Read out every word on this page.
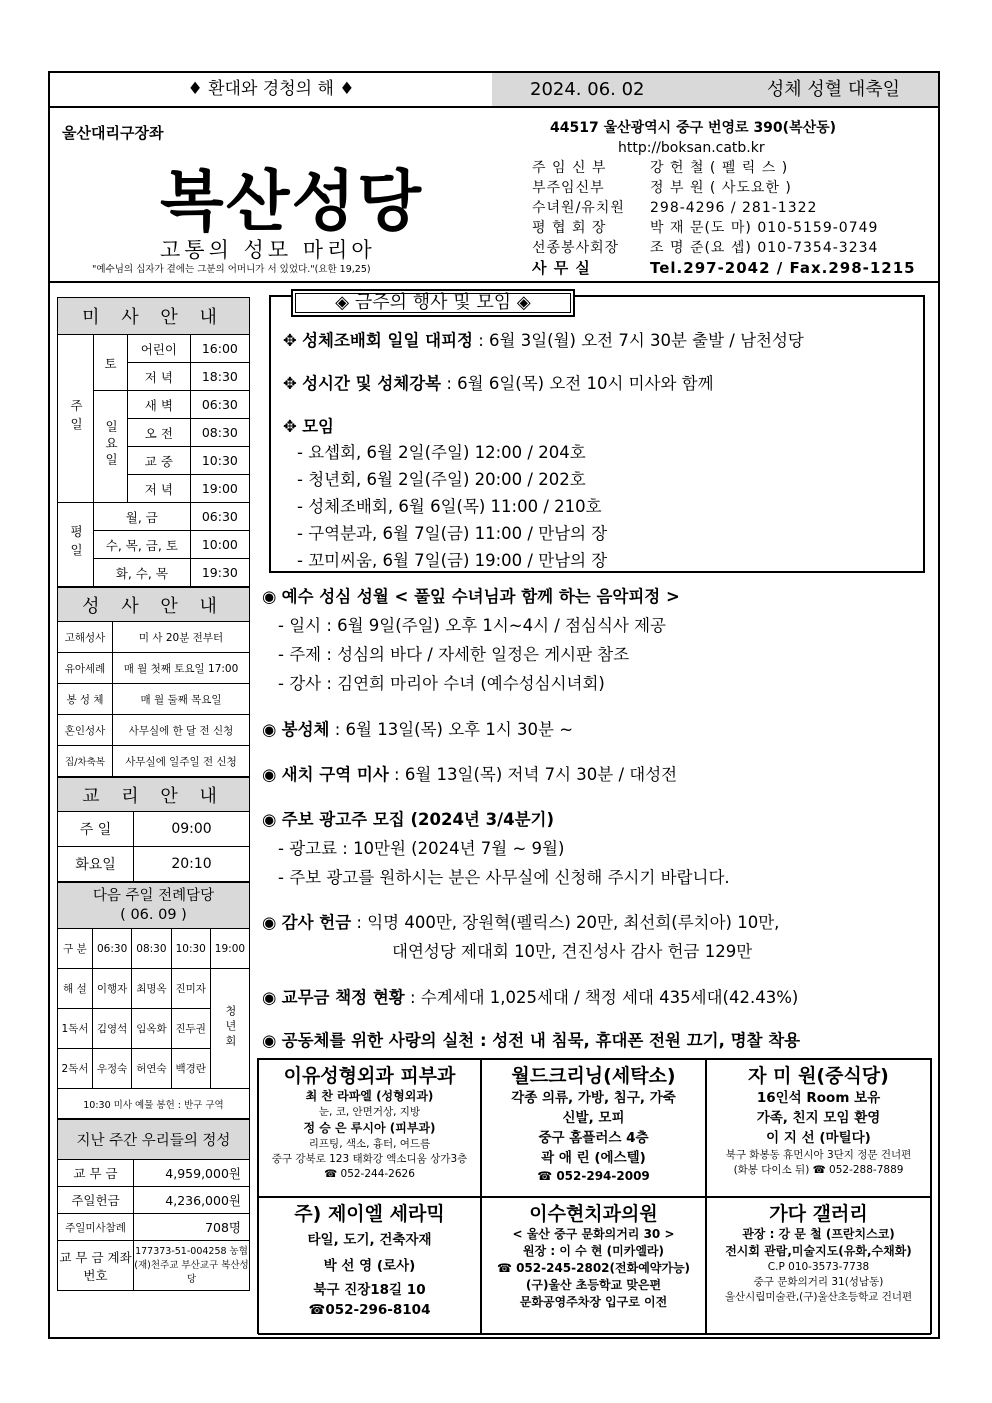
♦ 환대와 경청의 해 ♦	2024. 06. 02	성체 성혈 대축일
울산대리구장좌
복산성당
고통의 성모 마리아
"예수님의 십자가 곁에는 그분의 어머니가 서 있었다."(요한 19,25)
44517 울산광역시 중구 번영로 390(복산동)
http://boksan.catb.kr
주 임 신 부	강 헌 철 ( 펠 릭 스 )
부주임신부	정 부 원 ( 사도요한 )
수녀원/유치원	298-4296 / 281-1322
평 협 회 장	박 재 문(도 마) 010-5159-0749
선종봉사회장	조 명 준(요 셉) 010-7354-3234
사 무 실	Tel.297-2042 / Fax.298-1215
미 사 안 내			
주일	토	어린이	16:00
		저 녁	18:30
	일요일	새 벽	06:30
		오 전	08:30
		교 중	10:30
		저 녁	19:00
평일	월, 금		06:30
	수, 목, 금, 토		10:00
	화, 수, 목		19:30
성 사 안 내	
고해성사	미 사 20분 전부터
유아세례	매 월 첫째 토요일 17:00
봉 성 체	매 월 둘째 목요일
혼인성사	사무실에 한 달 전 신청
집/차축복	사무실에 일주일 전 신청
교 리 안 내	
주 일	09:00
화요일	20:10
다음 주일 전례담당
( 06. 09 )				
구 분	06:30	08:30	10:30	19:00
해 설	이행자	최명옥	진미자	청년회
1독서	김영석	임옥화	진두권	
2독서	우정숙	허연숙	백경란	
10:30 미사 예물 봉헌 : 반구 구역				
지난 주간 우리들의 정성	
교 무 금	4,959,000원
주일헌금	4,236,000원
주일미사참례	708명
교 무 금 계좌번호	177373-51-004258 농협 (재)천주교 부산교구 복산성당
◈ 금주의 행사 및 모임 ◈
✥ 성체조배회 일일 대피정 : 6월 3일(월) 오전 7시 30분 출발 / 남천성당
✥ 성시간 및 성체강복 : 6월 6일(목) 오전 10시 미사와 함께
✥ 모임
- 요셉회, 6월 2일(주일) 12:00 / 204호
- 청년회, 6월 2일(주일) 20:00 / 202호
- 성체조배회, 6월 6일(목) 11:00 / 210호
- 구역분과, 6월 7일(금) 11:00 / 만남의 장
- 꼬미씨움, 6월 7일(금) 19:00 / 만남의 장
◉ 예수 성심 성월 < 풀잎 수녀님과 함께 하는 음악피정 >
- 일시 : 6월 9일(주일) 오후 1시~4시 / 점심식사 제공
- 주제 : 성심의 바다 / 자세한 일정은 게시판 참조
- 강사 : 김연희 마리아 수녀 (예수성심시녀회)
◉ 봉성체 : 6월 13일(목) 오후 1시 30분 ~
◉ 새치 구역 미사 : 6월 13일(목) 저녁 7시 30분 / 대성전
◉ 주보 광고주 모집 (2024년 3/4분기)
- 광고료 : 10만원 (2024년 7월 ~ 9월)
- 주보 광고를 원하시는 분은 사무실에 신청해 주시기 바랍니다.
◉ 감사 헌금 : 익명 400만, 장원혁(펠릭스) 20만, 최선희(루치아) 10만,
대연성당 제대회 10만, 견진성사 감사 헌금 129만
◉ 교무금 책정 현황 : 수계세대 1,025세대 / 책정 세대 435세대(42.43%)
◉ 공동체를 위한 사랑의 실천 : 성전 내 침묵, 휴대폰 전원 끄기, 명찰 착용
이유성형외과 피부과
최 찬 라파엘 (성형외과)
눈, 코, 안면거상, 지방
정 승 은 루시아 (피부과)
리프팅, 색소, 흉터, 여드름
중구 강북로 123 태화강 엑소디움 상가3층
☎ 052-244-2626
월드크리닝(세탁소)
각종 의류, 가방, 침구, 가죽
신발, 모피
중구 홈플러스 4층
곽 애 린 (에스텔)
☎ 052-294-2009
자 미 원(중식당)
16인석 Room 보유
가족, 친지 모임 환영
이 지 선 (마틸다)
북구 화봉동 휴먼시아 3단지 정문 건너편
(화봉 다이소 뒤) ☎ 052-288-7889
주) 제이엘 세라믹
타일, 도기, 건축자재
박 선 영 (로사)
북구 진장18길 10
☎052-296-8104
이수현치과의원
< 울산 중구 문화의거리 30 >
원장 : 이 수 현 (미카엘라)
☎ 052-245-2802(전화예약가능)
(구)울산 초등학교 맞은편
문화공영주차장 입구로 이전
가다 갤러리
관장 : 강 문 철 (프란치스코)
전시회 관람,미술지도(유화,수채화)
C.P 010-3573-7738
중구 문화의거리 31(성남동)
울산시립미술관,(구)울산초등학교 건너편
